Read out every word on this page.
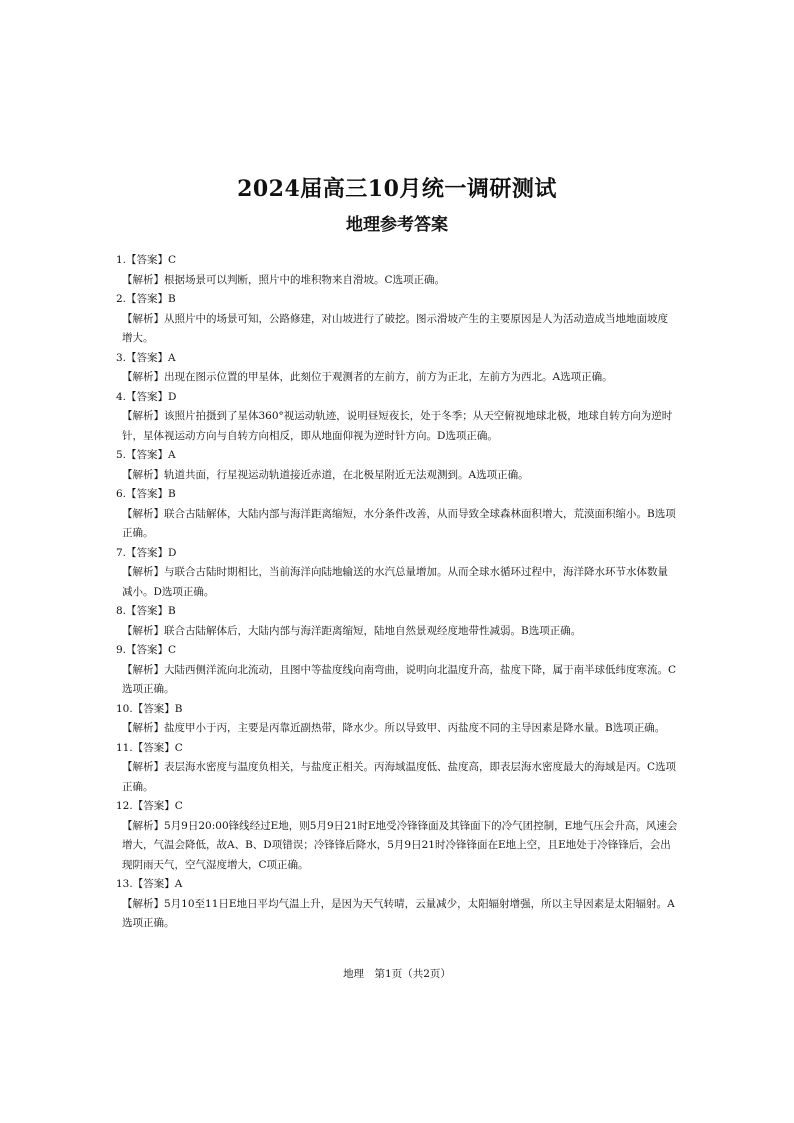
2024届高三10月统一调研测试
地理参考答案
1.【答案】C
【解析】根据场景可以判断，照片中的堆积物来自滑坡。C选项正确。
2.【答案】B
【解析】从照片中的场景可知，公路修建，对山坡进行了破挖。图示滑坡产生的主要原因是人为活动造成当地地面坡度增大。
3.【答案】A
【解析】出现在图示位置的甲星体，此刻位于观测者的左前方，前方为正北，左前方为西北。A选项正确。
4.【答案】D
【解析】该照片拍摄到了星体360°视运动轨迹，说明昼短夜长，处于冬季；从天空俯视地球北极，地球自转方向为逆时针，星体视运动方向与自转方向相反，即从地面仰视为逆时针方向。D选项正确。
5.【答案】A
【解析】轨道共面，行星视运动轨道接近赤道，在北极星附近无法观测到。A选项正确。
6.【答案】B
【解析】联合古陆解体，大陆内部与海洋距离缩短，水分条件改善，从而导致全球森林面积增大，荒漠面积缩小。B选项正确。
7.【答案】D
【解析】与联合古陆时期相比，当前海洋向陆地输送的水汽总量增加。从而全球水循环过程中，海洋降水环节水体数量减小。D选项正确。
8.【答案】B
【解析】联合古陆解体后，大陆内部与海洋距离缩短，陆地自然景观经度地带性减弱。B选项正确。
9.【答案】C
【解析】大陆西侧洋流向北流动，且图中等盐度线向南弯曲，说明向北温度升高，盐度下降，属于南半球低纬度寒流。C选项正确。
10.【答案】B
【解析】盐度甲小于丙，主要是丙靠近副热带，降水少。所以导致甲、丙盐度不同的主导因素是降水量。B选项正确。
11.【答案】C
【解析】表层海水密度与温度负相关，与盐度正相关。丙海域温度低、盐度高，即表层海水密度最大的海域是丙。C选项正确。
12.【答案】C
【解析】5月9日20:00锋线经过E地，则5月9日21时E地受冷锋锋面及其锋面下的冷气团控制，E地气压会升高，风速会增大，气温会降低，故A、B、D项错误；冷锋锋后降水，5月9日21时冷锋锋面在E地上空，且E地处于冷锋锋后，会出现阴雨天气，空气湿度增大，C项正确。
13.【答案】A
【解析】5月10至11日E地日平均气温上升，是因为天气转晴，云量减少，太阳辐射增强，所以主导因素是太阳辐射。A选项正确。
地理　第1页（共2页）
